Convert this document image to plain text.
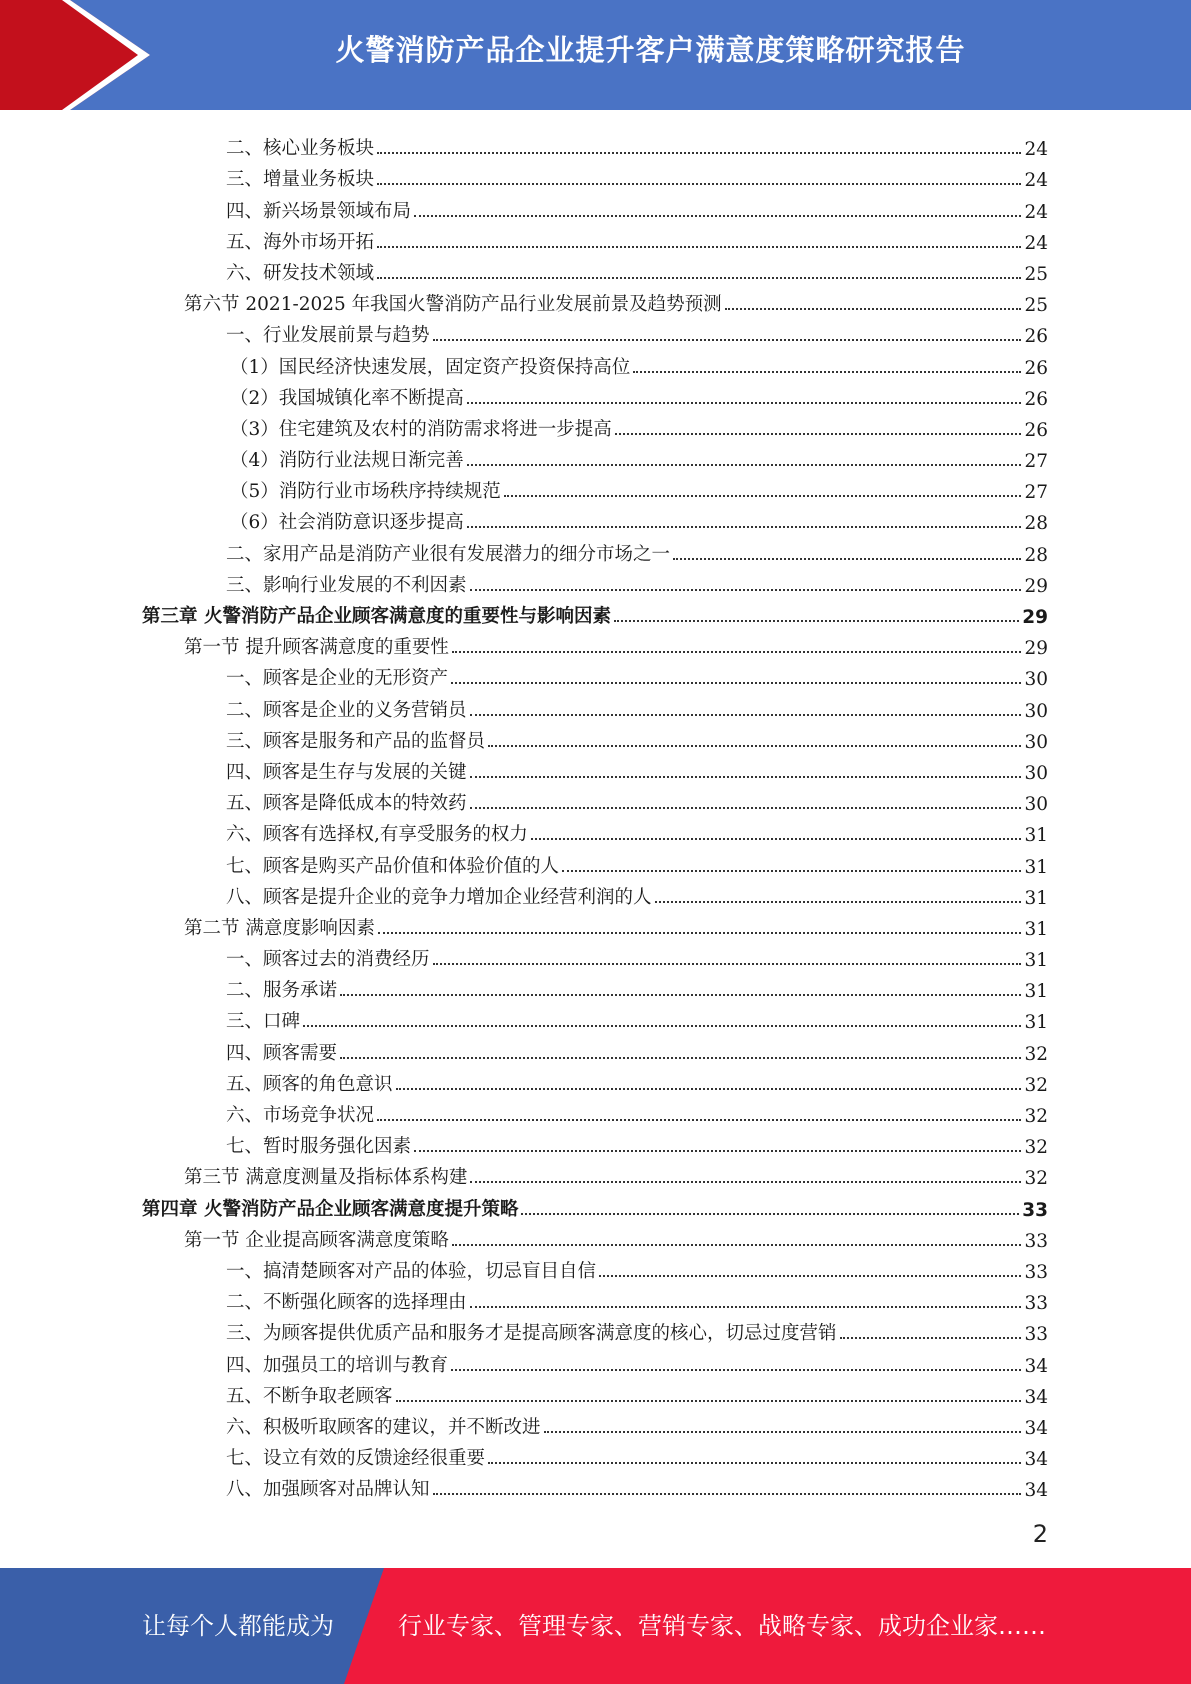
火警消防产品企业提升客户满意度策略研究报告
二、核心业务板块	24
三、增量业务板块	24
四、新兴场景领域布局	24
五、海外市场开拓	24
六、研发技术领域	25
第六节 2021-2025 年我国火警消防产品行业发展前景及趋势预测	25
一、行业发展前景与趋势	26
（1）国民经济快速发展，固定资产投资保持高位	26
（2）我国城镇化率不断提高	26
（3）住宅建筑及农村的消防需求将进一步提高	26
（4）消防行业法规日渐完善	27
（5）消防行业市场秩序持续规范	27
（6）社会消防意识逐步提高	28
二、家用产品是消防产业很有发展潜力的细分市场之一	28
三、影响行业发展的不利因素	29
第三章 火警消防产品企业顾客满意度的重要性与影响因素	29
第一节 提升顾客满意度的重要性	29
一、顾客是企业的无形资产	30
二、顾客是企业的义务营销员	30
三、顾客是服务和产品的监督员	30
四、顾客是生存与发展的关键	30
五、顾客是降低成本的特效药	30
六、顾客有选择权,有享受服务的权力	31
七、顾客是购买产品价值和体验价值的人	31
八、顾客是提升企业的竞争力增加企业经营利润的人	31
第二节 满意度影响因素	31
一、顾客过去的消费经历	31
二、服务承诺	31
三、口碑	31
四、顾客需要	32
五、顾客的角色意识	32
六、市场竞争状况	32
七、暂时服务强化因素	32
第三节 满意度测量及指标体系构建	32
第四章 火警消防产品企业顾客满意度提升策略	33
第一节 企业提高顾客满意度策略	33
一、搞清楚顾客对产品的体验，切忌盲目自信	33
二、不断强化顾客的选择理由	33
三、为顾客提供优质产品和服务才是提高顾客满意度的核心，切忌过度营销	33
四、加强员工的培训与教育	34
五、不断争取老顾客	34
六、积极听取顾客的建议，并不断改进	34
七、设立有效的反馈途经很重要	34
八、加强顾客对品牌认知	34
2
让每个人都能成为	行业专家、管理专家、营销专家、战略专家、成功企业家……
